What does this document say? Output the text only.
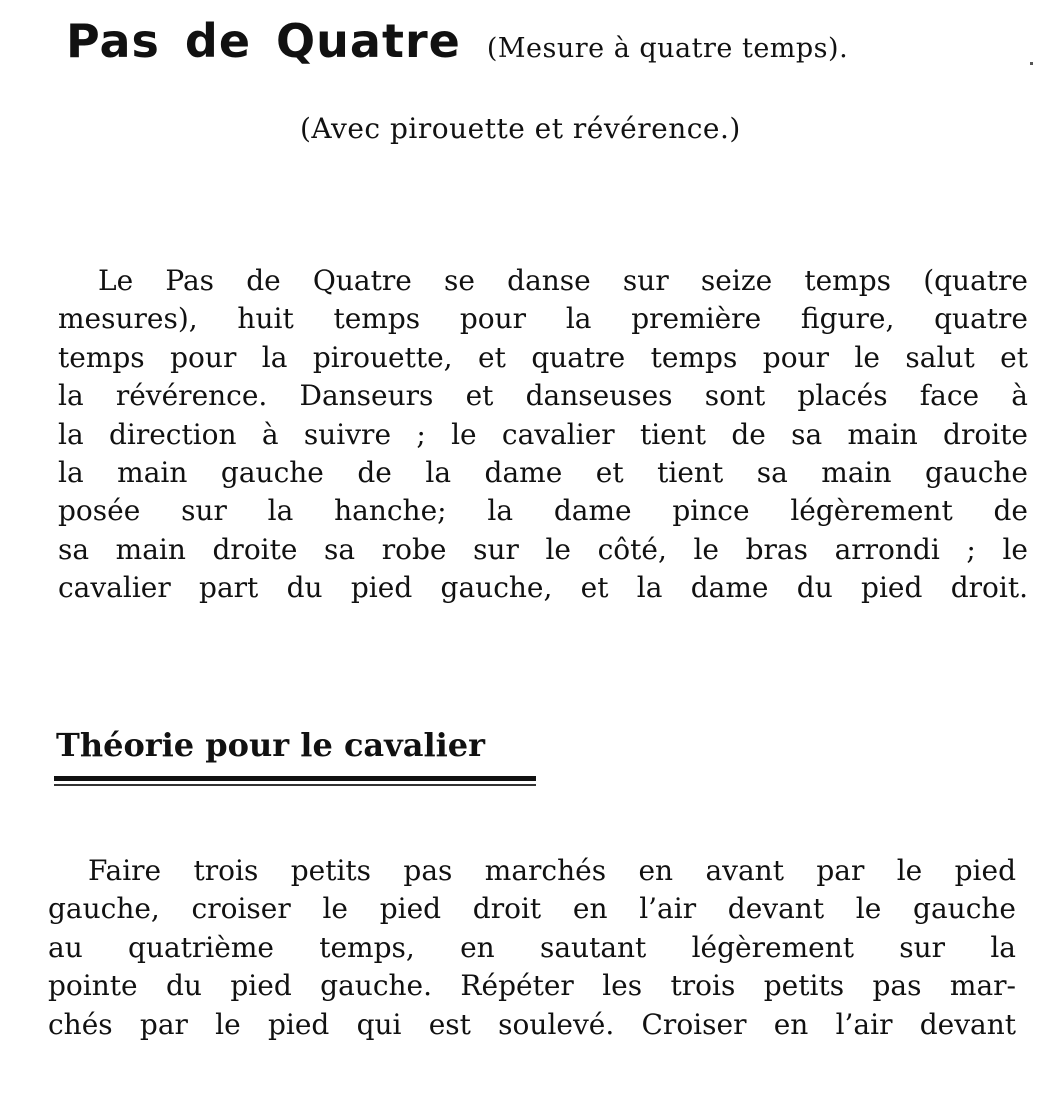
Pas de Quatre (Mesure à quatre temps).
(Avec pirouette et révérence.)
Le Pas de Quatre se danse sur seize temps (quatre
mesures), huit temps pour la première figure, quatre
temps pour la pirouette, et quatre temps pour le salut et
la révérence. Danseurs et danseuses sont placés face à
la direction à suivre ; le cavalier tient de sa main droite
la main gauche de la dame et tient sa main gauche
posée sur la hanche; la dame pince légèrement de
sa main droite sa robe sur le côté, le bras arrondi ; le
cavalier part du pied gauche, et la dame du pied droit.
Théorie pour le cavalier
Faire trois petits pas marchés en avant par le pied
gauche, croiser le pied droit en l’air devant le gauche
au quatrième temps, en sautant légèrement sur la
pointe du pied gauche. Répéter les trois petits pas mar-
chés par le pied qui est soulevé. Croiser en l’air devant
